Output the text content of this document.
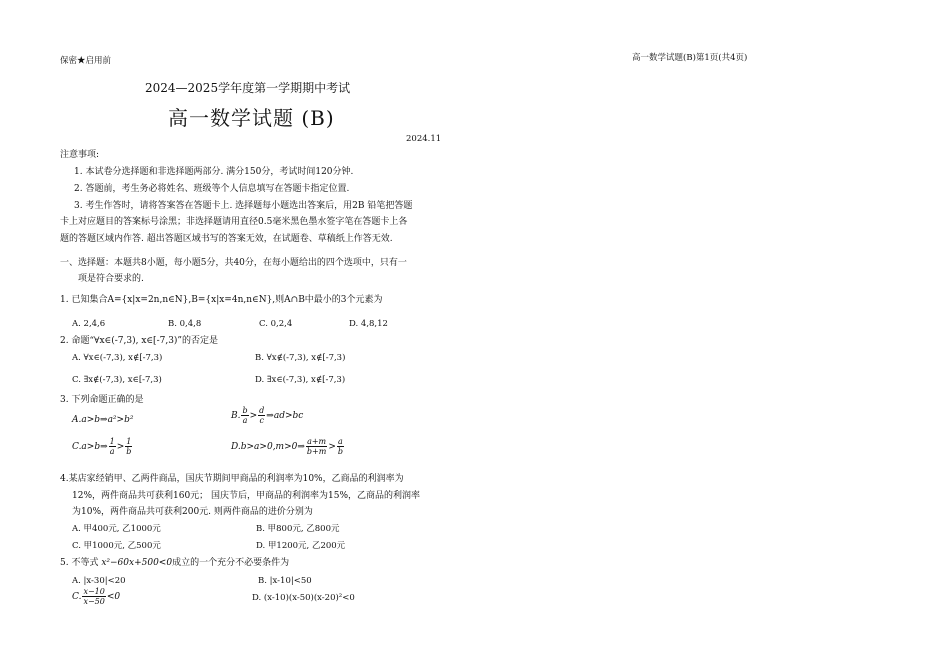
保密★启用前	高一数学试题(B)第1页(共4页)
2024—2025学年度第一学期期中考试
高一数学试题 (B)
2024.11
注意事项:
1. 本试卷分选择题和非选择题两部分. 满分150分，考试时间120分钟.
2. 答题前，考生务必将姓名、班级等个人信息填写在答题卡指定位置.
3. 考生作答时，请将答案答在答题卡上. 选择题每小题选出答案后，用2B 铅笔把答题
卡上对应题目的答案标号涂黑；非选择题请用直径0.5毫米黑色墨水签字笔在答题卡上各
题的答题区域内作答. 超出答题区域书写的答案无效，在试题卷、草稿纸上作答无效.
一、选择题：本题共8小题，每小题5分，共40分，在每小题给出的四个选项中，只有一
项是符合要求的.
1. 已知集合A={x|x=2n,n∈N},B={x|x=4n,n∈N},则A∩B中最小的3个元素为
A. 2,4,6	B. 0,4,8	C. 0,2,4	D. 4,8,12
2. 命题“∀x∈(-7,3), x∈[-7,3)”的否定是
A. ∀x∈(-7,3), x∉[-7,3)	B. ∀x∉(-7,3), x∉[-7,3)
C. ∃x∉(-7,3), x∈[-7,3)	D. ∃x∈(-7,3), x∉[-7,3)
3. 下列命题正确的是
A.a>b⇒a²>b²	B. $\frac{b}{a} > \frac{d}{c}$ ⇒ad>bc
C.a>b⇒ $\frac{1}{a} > \frac{1}{b}$	D.b>a>0,m>0⇒ $\frac{a+m}{b+m} > \frac{a}{b}$
4.某店家经销甲、乙两件商品，国庆节期间甲商品的利润率为10%，乙商品的利润率为
12%，两件商品共可获利160元； 国庆节后，甲商品的利润率为15%，乙商品的利润率
为10%，两件商品共可获利200元. 则两件商品的进价分别为
A. 甲400元, 乙1000元	B. 甲800元, 乙800元
C. 甲1000元, 乙500元	D. 甲1200元, 乙200元
5. 不等式 x²−60x+500<0成立的一个充分不必要条件为
A. |x-30|<20	B. |x-10|<50
C. $\frac{x-10}{x-50} <0$	D. (x-10)(x-50)(x-20)²<0
